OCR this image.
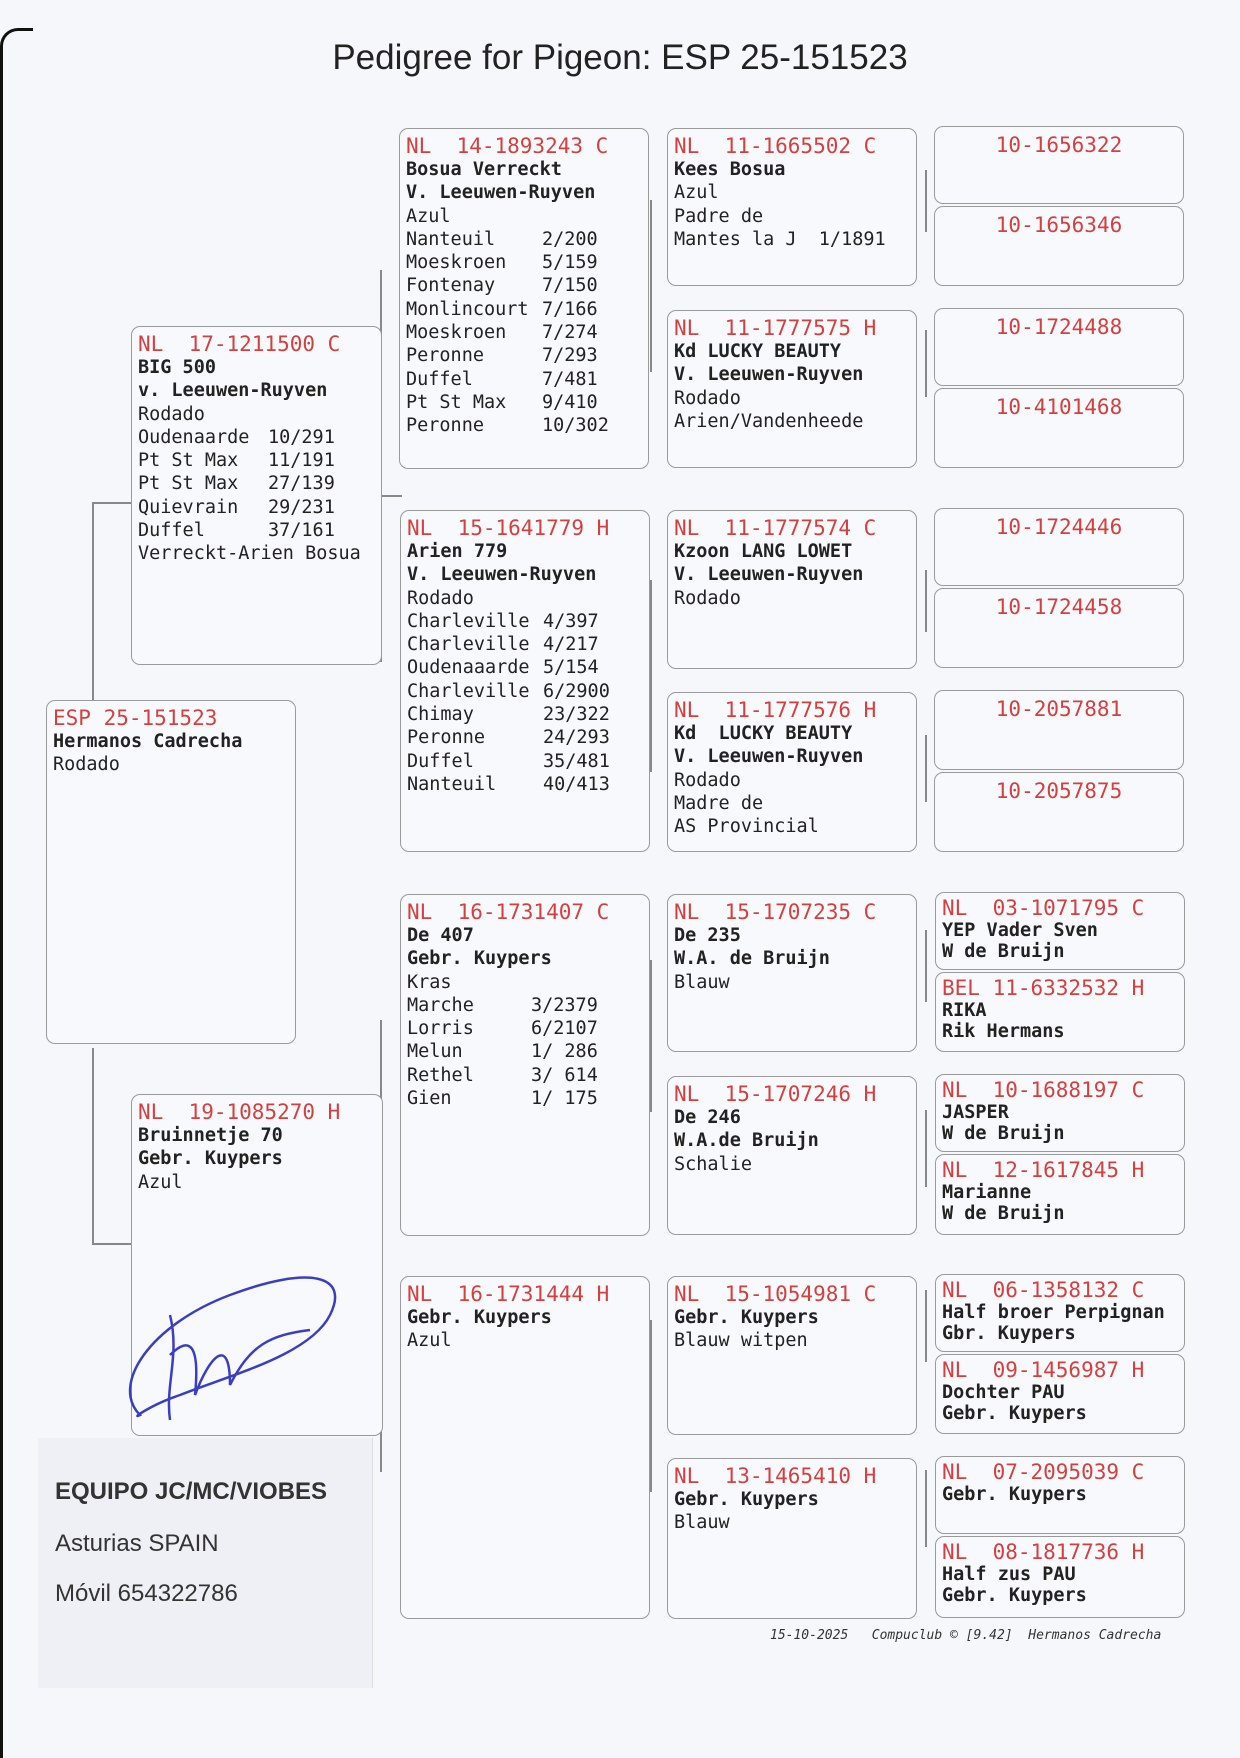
Pedigree for Pigeon: ESP 25-151523
ESP 25-151523
Hermanos Cadrecha
Rodado
NL  17-1211500 C
BIG 500
v. Leeuwen-Ruyven
Rodado
Oudenaarde	10/291
Pt St Max	11/191
Pt St Max	27/139
Quievrain	29/231
Duffel	37/161
Verreckt-Arien Bosua
NL  19-1085270 H
Bruinnetje 70
Gebr. Kuypers
Azul
NL  14-1893243 C
Bosua Verreckt
V. Leeuwen-Ruyven
Azul
Nanteuil	2/200
Moeskroen	5/159
Fontenay	7/150
Monlincourt 7/166
Moeskroen	7/274
Peronne	7/293
Duffel	7/481
Pt St Max	9/410
Peronne	10/302
NL  15-1641779 H
Arien 779
V. Leeuwen-Ruyven
Rodado
Charleville 4/397
Charleville 4/217
Oudenaaarde 5/154
Charleville 6/2900
Chimay	23/322
Peronne	24/293
Duffel	35/481
Nanteuil	40/413
NL  16-1731407 C
De 407
Gebr. Kuypers
Kras
Marche	3/2379
Lorris	6/2107
Melun	1/ 286
Rethel	3/ 614
Gien	1/ 175
NL  16-1731444 H
Gebr. Kuypers
Azul
NL  11-1665502 C
Kees Bosua
Azul
Padre de
Mantes la J  1/1891
NL  11-1777575 H
Kd LUCKY BEAUTY
V. Leeuwen-Ruyven
Rodado
Arien/Vandenheede
NL  11-1777574 C
Kzoon LANG LOWET
V. Leeuwen-Ruyven
Rodado
NL  11-1777576 H
Kd  LUCKY BEAUTY
V. Leeuwen-Ruyven
Rodado
Madre de
AS Provincial
NL  15-1707235 C
De 235
W.A. de Bruijn
Blauw
NL  15-1707246 H
De 246
W.A.de Bruijn
Schalie
NL  15-1054981 C
Gebr. Kuypers
Blauw witpen
NL  13-1465410 H
Gebr. Kuypers
Blauw
10-1656322
10-1656346
10-1724488
10-4101468
10-1724446
10-1724458
10-2057881
10-2057875
NL  03-1071795 C
YEP Vader Sven
W de Bruijn
BEL 11-6332532 H
RIKA
Rik Hermans
NL  10-1688197 C
JASPER
W de Bruijn
NL  12-1617845 H
Marianne
W de Bruijn
NL  06-1358132 C
Half broer Perpignan
Gbr. Kuypers
NL  09-1456987 H
Dochter PAU
Gebr. Kuypers
NL  07-2095039 C
Gebr. Kuypers
NL  08-1817736 H
Half zus PAU
Gebr. Kuypers
EQUIPO JC/MC/VIOBES
Asturias SPAIN
Móvil 654322786
15-10-2025   Compuclub © [9.42]  Hermanos Cadrecha
